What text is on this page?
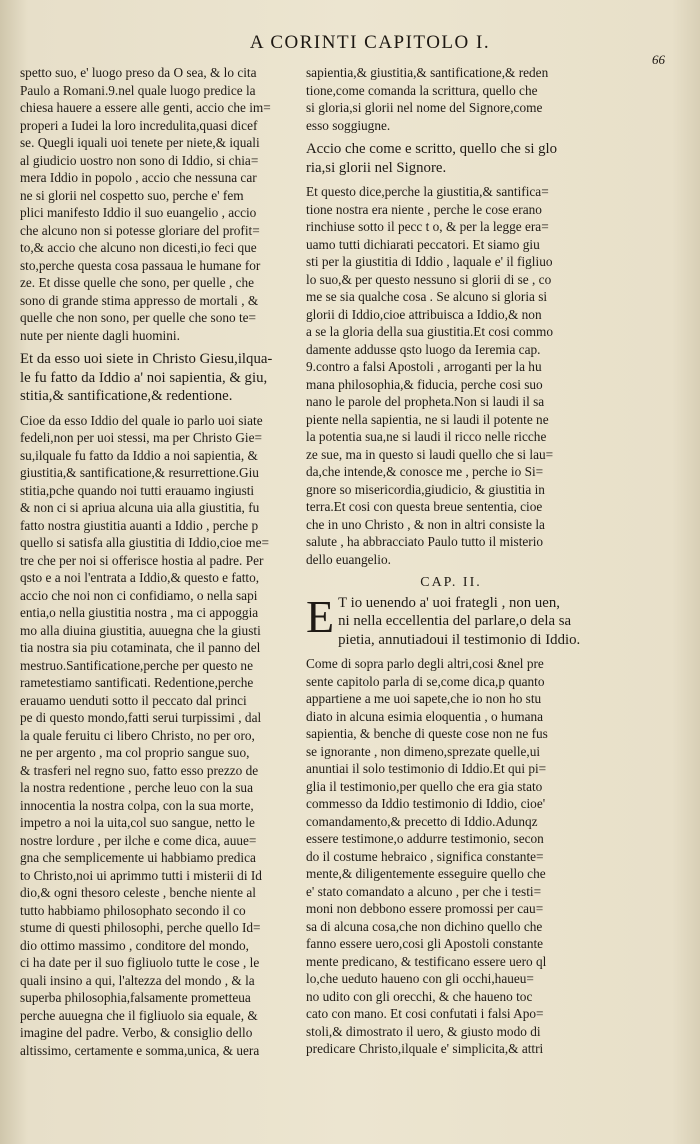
A CORINTI CAPITOLO I.
66
spetto suo, e' luogo preso da O sea, & lo cita
Paulo a Romani.9.nel quale luogo predice la
chiesa hauere a essere alle genti, accio che im=
properi a Iudei la loro incredulita,quasi dicef
se. Quegli iquali uoi tenete per niete,& iquali
al giudicio uostro non sono di Iddio, si chia=
mera Iddio in popolo , accio che nessuna car
ne si glorii nel cospetto suo, perche e' fem
plici manifesto Iddio il suo euangelio , accio
che alcuno non si potesse gloriare del profit=
to,& accio che alcuno non dicesti,io feci que
sto,perche questa cosa passaua le humane for
ze. Et disse quelle che sono, per quelle , che
sono di grande stima appresso de mortali , &
quelle che non sono, per quelle che sono te=
nute per niente dagli huomini.
Et da esso uoi siete in Christo Giesu,ilqua-
le fu fatto da Iddio a' noi sapientia, & giu,
stitia,& santificatione,& redentione.
Cioe da esso Iddio del quale io parlo uoi siate
fedeli,non per uoi stessi, ma per Christo Gie=
su,ilquale fu fatto da Iddio a noi sapientia, &
giustitia,& santificatione,& resurrettione.Giu
stitia,pche quando noi tutti erauamo ingiusti
& non ci si apriua alcuna uia alla giustitia, fu
fatto nostra giustitia auanti a Iddio , perche p
quello si satisfa alla giustitia di Iddio,cioe me=
tre che per noi si offerisce hostia al padre. Per
qsto e a noi l'entrata a Iddio,& questo e fatto,
accio che noi non ci confidiamo, o nella sapi
entia,o nella giustitia nostra , ma ci appoggia
mo alla diuina giustitia, auuegna che la giusti
tia nostra sia piu cotaminata, che il panno del
mestruo.Santificatione,perche per questo ne
rametestiamo santificati. Redentione,perche
erauamo uenduti sotto il peccato dal princi
pe di questo mondo,fatti serui turpissimi , dal
la quale feruitu ci libero Christo, no per oro,
ne per argento , ma col proprio sangue suo,
& trasferi nel regno suo, fatto esso prezzo de
la nostra redentione , perche leuo con la sua
innocentia la nostra colpa, con la sua morte,
impetro a noi la uita,col suo sangue, netto le
nostre lordure , per ilche e come dica, auue=
gna che semplicemente ui habbiamo predica
to Christo,noi ui aprimmo tutti i misterii di Id
dio,& ogni thesoro celeste , benche niente al
tutto habbiamo philosophato secondo il co
stume di questi philosophi, perche quello Id=
dio ottimo massimo , conditore del mondo,
ci ha date per il suo figliuolo tutte le cose , le
quali insino a qui, l'altezza del mondo , & la
superba philosophia,falsamente prometteua
perche auuegna che il figliuolo sia equale, &
imagine del padre. Verbo, & consiglio dello
altissimo, certamente e somma,unica, & uera
sapientia,& giustitia,& santificatione,& reden
tione,come comanda la scrittura, quello che
si gloria,si glorii nel nome del Signore,come
esso soggiugne.
Accio che come e scritto, quello che si glo
ria,si glorii nel Signore.
Et questo dice,perche la giustitia,& santifica=
tione nostra era niente , perche le cose erano
rinchiuse sotto il pecc t o, & per la legge era=
uamo tutti dichiarati peccatori. Et siamo giu
sti per la giustitia di Iddio , laquale e' il figliuo
lo suo,& per questo nessuno si glorii di se , co
me se sia qualche cosa . Se alcuno si gloria si
glorii di Iddio,cioe attribuisca a Iddio,& non
a se la gloria della sua giustitia.Et cosi commo
damente addusse qsto luogo da Ieremia cap.
9.contro a falsi Apostoli , arroganti per la hu
mana philosophia,& fiducia, perche cosi suo
nano le parole del propheta.Non si laudi il sa
piente nella sapientia, ne si laudi il potente ne
la potentia sua,ne si laudi il ricco nelle ricche
ze sue, ma in questo si laudi quello che si lau=
da,che intende,& conosce me , perche io Si=
gnore so misericordia,giudicio, & giustitia in
terra.Et cosi con questa breue sententia, cioe
che in uno Christo , & non in altri consiste la
salute , ha abbracciato Paulo tutto il misterio
dello euangelio.
CAP. II.
E T io uenendo a' uoi frategli , non uen,
ni nella eccellentia del parlare,o dela sa
pietia, annutiadoui il testimonio di Iddio.
Come di sopra parlo degli altri,cosi &nel pre
sente capitolo parla di se,come dica,p quanto
appartiene a me uoi sapete,che io non ho stu
diato in alcuna esimia eloquentia , o humana
sapientia, & benche di queste cose non ne fus
se ignorante , non dimeno,sprezate quelle,ui
anuntiai il solo testimonio di Iddio.Et qui pi=
glia il testimonio,per quello che era gia stato
commesso da Iddio testimonio di Iddio, cioe'
comandamento,& precetto di Iddio.Adunqz
essere testimone,o addurre testimonio, secon
do il costume hebraico , significa constante=
mente,& diligentemente esseguire quello che
e' stato comandato a alcuno , per che i testi=
moni non debbono essere promossi per cau=
sa di alcuna cosa,che non dichino quello che
fanno essere uero,cosi gli Apostoli constante
mente predicano, & testificano essere uero ql
lo,che ueduto haueno con gli occhi,haueu=
no udito con gli orecchi, & che haueno toc
cato con mano. Et cosi confutati i falsi Apo=
stoli,& dimostrato il uero, & giusto modo di
predicare Christo,ilquale e' simplicita,& attri
